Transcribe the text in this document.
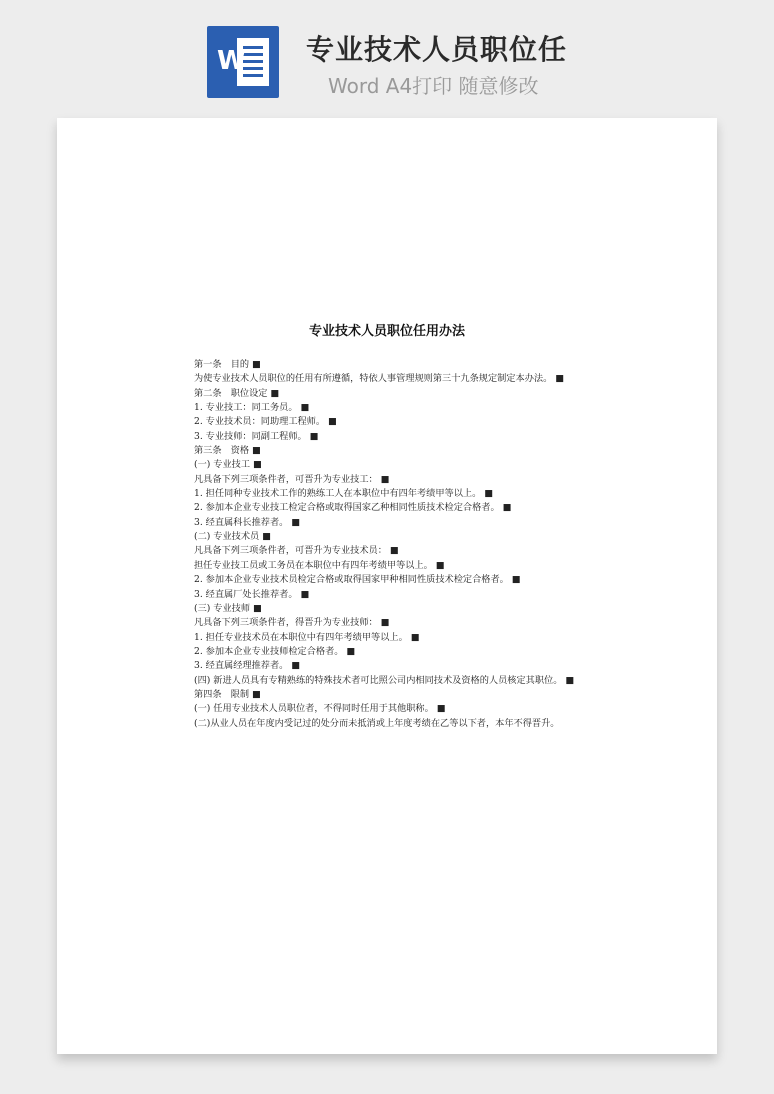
W 专业技术人员职位任
Word A4打印 随意修改
专业技术人员职位任用办法

第一条　目的 ■

为使专业技术人员职位的任用有所遵循，特依人事管理规则第三十九条规定制定本办法。 ■

第二条　职位设定 ■

1. 专业技工：同工务员。 ■

2. 专业技术员：同助理工程师。 ■

3. 专业技师：同副工程师。 ■

第三条　资格 ■

(一) 专业技工 ■

凡具备下列三项条件者，可晋升为专业技工： ■

1. 担任同种专业技术工作的熟练工人在本职位中有四年考绩甲等以上。 ■

2. 参加本企业专业技工检定合格或取得国家乙种相同性质技术检定合格者。 ■

3. 经直属科长推荐者。 ■

(二) 专业技术员 ■

凡具备下列三项条件者，可晋升为专业技术员： ■

担任专业技工员或工务员在本职位中有四年考绩甲等以上。 ■

2. 参加本企业专业技术员检定合格或取得国家甲种相同性质技术检定合格者。 ■

3. 经直属厂处长推荐者。 ■

(三) 专业技师 ■

凡具备下列三项条件者，得晋升为专业技师： ■

1. 担任专业技术员在本职位中有四年考绩甲等以上。 ■

2. 参加本企业专业技师检定合格者。 ■

3. 经直属经理推荐者。 ■

(四) 新进人员具有专精熟练的特殊技术者可比照公司内相同技术及资格的人员核定其职位。 ■

第四条　限制 ■

(一) 任用专业技术人员职位者，不得同时任用于其他职称。 ■

(二)从业人员在年度内受记过的处分而未抵消或上年度考绩在乙等以下者，本年不得晋升。
